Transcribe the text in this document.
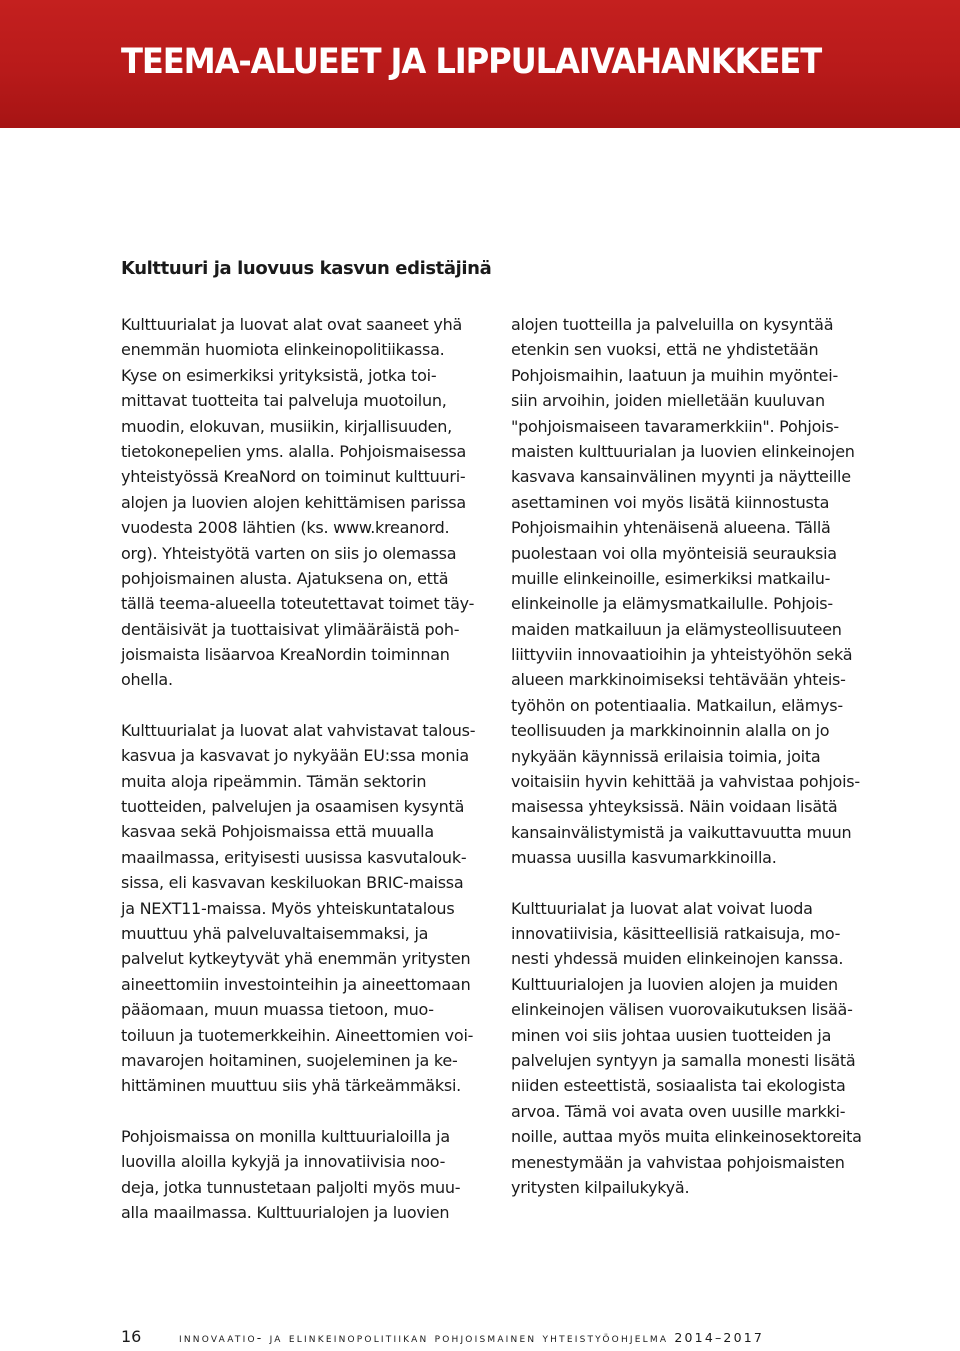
TEEMA-ALUEET JA LIPPULAIVAHANKKEET
Kulttuuri ja luovuus kasvun edistäjinä

Kulttuurialat ja luovat alat ovat saaneet yhä
enemmän huomiota elinkeinopolitiikassa.
Kyse on esimerkiksi yrityksistä, jotka toi-
mittavat tuotteita tai palveluja muotoilun,
muodin, elokuvan, musiikin, kirjallisuuden,
tietokonepelien yms. alalla. Pohjoismaisessa
yhteistyössä KreaNord on toiminut kulttuuri-
alojen ja luovien alojen kehittämisen parissa
vuodesta 2008 lähtien (ks. www.kreanord.
org). Yhteistyötä varten on siis jo olemassa
pohjoismainen alusta. Ajatuksena on, että
tällä teema-alueella toteutettavat toimet täy-
dentäisivät ja tuottaisivat ylimääräistä poh-
joismaista lisäarvoa KreaNordin toiminnan
ohella.

Kulttuurialat ja luovat alat vahvistavat talous-
kasvua ja kasvavat jo nykyään EU:ssa monia
muita aloja ripeämmin. Tämän sektorin
tuotteiden, palvelujen ja osaamisen kysyntä
kasvaa sekä Pohjoismaissa että muualla
maailmassa, erityisesti uusissa kasvutalouk-
sissa, eli kasvavan keskiluokan BRIC-maissa
ja NEXT11-maissa. Myös yhteiskuntatalous
muuttuu yhä palveluvaltaisemmaksi, ja
palvelut kytkeytyvät yhä enemmän yritysten
aineettomiin investointeihin ja aineettomaan
pääomaan, muun muassa tietoon, muo-
toiluun ja tuotemerkkeihin. Aineettomien voi-
mavarojen hoitaminen, suojeleminen ja ke-
hittäminen muuttuu siis yhä tärkeämmäksi.

Pohjoismaissa on monilla kulttuurialoilla ja
luovilla aloilla kykyjä ja innovatiivisia noo-
deja, jotka tunnustetaan paljolti myös muu-
alla maailmassa. Kulttuurialojen ja luovien

alojen tuotteilla ja palveluilla on kysyntää
etenkin sen vuoksi, että ne yhdistetään
Pohjoismaihin, laatuun ja muihin myöntei-
siin arvoihin, joiden mielletään kuuluvan
"pohjoismaiseen tavaramerkkiin". Pohjois-
maisten kulttuurialan ja luovien elinkeinojen
kasvava kansainvälinen myynti ja näytteille
asettaminen voi myös lisätä kiinnostusta
Pohjoismaihin yhtenäisenä alueena. Tällä
puolestaan voi olla myönteisiä seurauksia
muille elinkeinoille, esimerkiksi matkailu-
elinkeinolle ja elämysmatkailulle. Pohjois-
maiden matkailuun ja elämysteollisuuteen
liittyviin innovaatioihin ja yhteistyöhön sekä
alueen markkinoimiseksi tehtävään yhteis-
työhön on potentiaalia. Matkailun, elämys-
teollisuuden ja markkinoinnin alalla on jo
nykyään käynnissä erilaisia toimia, joita
voitaisiin hyvin kehittää ja vahvistaa pohjois-
maisessa yhteyksissä. Näin voidaan lisätä
kansainvälistymistä ja vaikuttavuutta muun
muassa uusilla kasvumarkkinoilla.

Kulttuurialat ja luovat alat voivat luoda
innovatiivisia, käsitteellisiä ratkaisuja, mo-
nesti yhdessä muiden elinkeinojen kanssa.
Kulttuurialojen ja luovien alojen ja muiden
elinkeinojen välisen vuorovaikutuksen lisää-
minen voi siis johtaa uusien tuotteiden ja
palvelujen syntyyn ja samalla monesti lisätä
niiden esteettistä, sosiaalista tai ekologista
arvoa. Tämä voi avata oven uusille markki-
noille, auttaa myös muita elinkeinosektoreita
menestymään ja vahvistaa pohjoismaisten
yritysten kilpailukykyä.

16	innovaatio- ja elinkeinopolitiikan pohjoismainen yhteistyöohjelma 2014–2017
